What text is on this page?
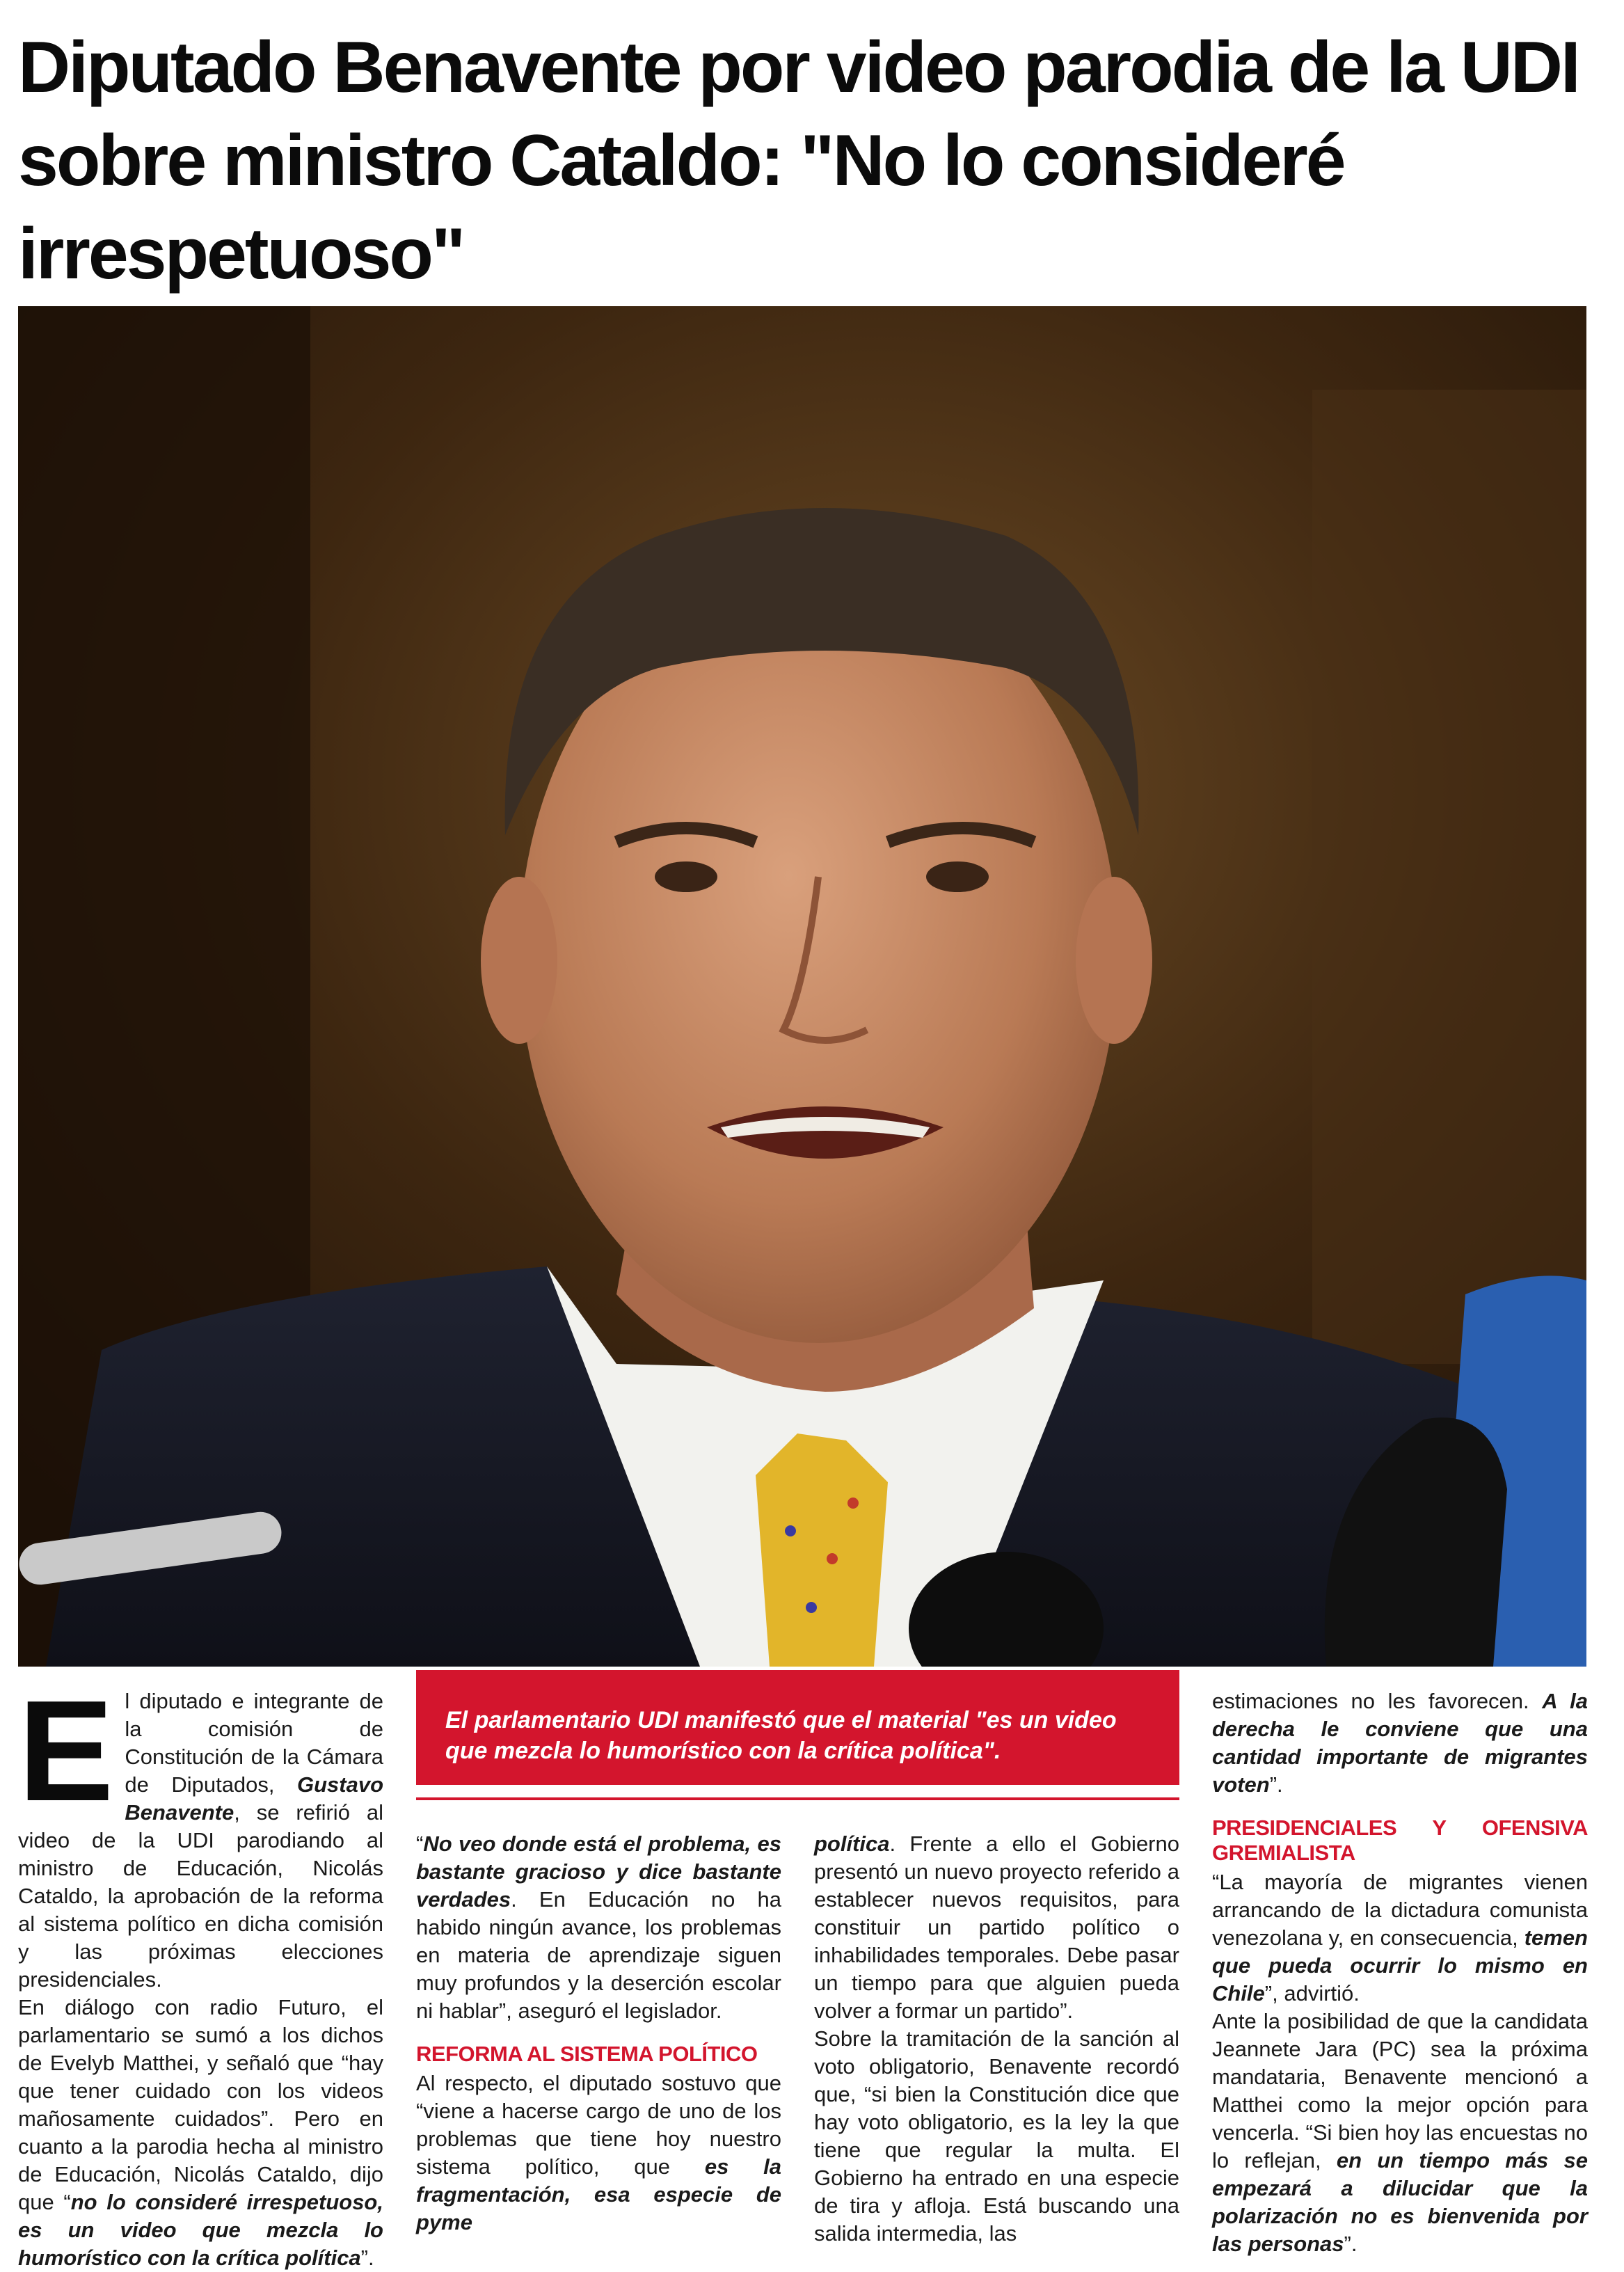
Diputado Benavente por video parodia de la UDI sobre ministro Cataldo: "No lo consideré irrespetuoso"
E l diputado e integrante de la comisión de Constitución de la Cámara de Diputados, Gustavo Benavente, se refirió al video de la UDI parodiando al ministro de Educación, Nicolás Cataldo, la aprobación de la reforma al sistema político en dicha comisión y las próximas elecciones presidenciales.

En diálogo con radio Futuro, el parlamentario se sumó a los dichos de Evelyb Matthei, y señaló que “hay que tener cuidado con los videos mañosamente cuidados”. Pero en cuanto a la parodia hecha al ministro de Educación, Nicolás Cataldo, dijo que “no lo consideré irrespetuoso, es un video que mezcla lo humorístico con la crítica política”.

El parlamentario UDI manifestó que el material "es un video que mezcla lo humorístico con la crítica política".

“No veo donde está el problema, es bastante gracioso y dice bastante verdades. En Educación no ha habido ningún avance, los problemas en materia de aprendizaje siguen muy profundos y la deserción escolar ni hablar”, aseguró el legislador.

REFORMA AL SISTEMA POLÍTICO

Al respecto, el diputado sostuvo que “viene a hacerse cargo de uno de los problemas que tiene hoy nuestro sistema político, que es la fragmentación, esa especie de pyme

política. Frente a ello el Gobierno presentó un nuevo proyecto referido a establecer nuevos requisitos, para constituir un partido político o inhabilidades temporales. Debe pasar un tiempo para que alguien pueda volver a formar un partido”.

Sobre la tramitación de la sanción al voto obligatorio, Benavente recordó que, “si bien la Constitución dice que hay voto obligatorio, es la ley la que tiene que regular la multa. El Gobierno ha entrado en una especie de tira y afloja. Está buscando una salida intermedia, las

estimaciones no les favorecen. A la derecha le conviene que una cantidad importante de migrantes voten”.

PRESIDENCIALES Y OFENSIVA GREMIALISTA

“La mayoría de migrantes vienen arrancando de la dictadura comunista venezolana y, en consecuencia, temen que pueda ocurrir lo mismo en Chile”, advirtió.

Ante la posibilidad de que la candidata Jeannete Jara (PC) sea la próxima mandataria, Benavente mencionó a Matthei como la mejor opción para vencerla. “Si bien hoy las encuestas no lo reflejan, en un tiempo más se empezará a dilucidar que la polarización no es bienvenida por las personas”.
